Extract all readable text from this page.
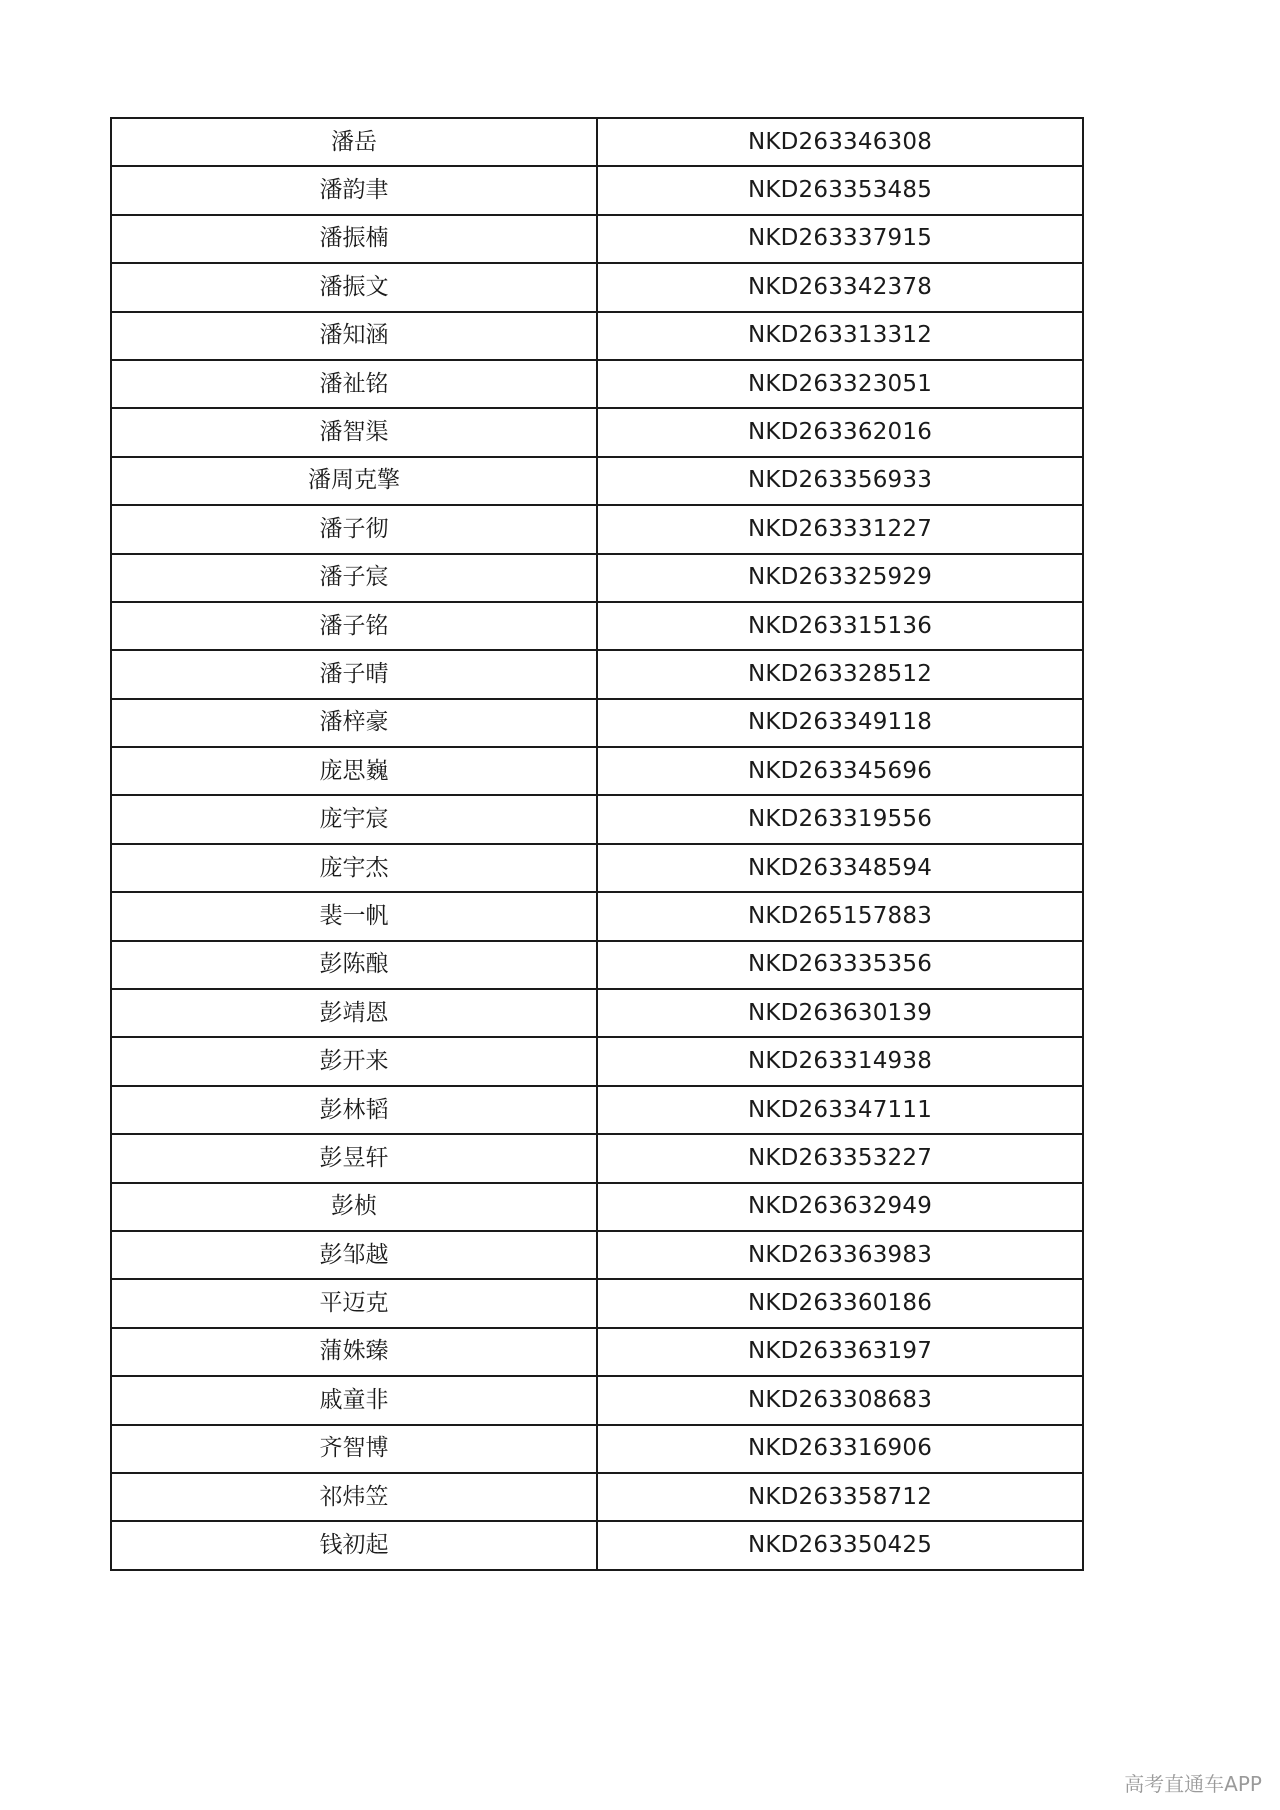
潘岳	NKD263346308
潘韵聿	NKD263353485
潘振楠	NKD263337915
潘振文	NKD263342378
潘知涵	NKD263313312
潘祉铭	NKD263323051
潘智渠	NKD263362016
潘周克擎	NKD263356933
潘子彻	NKD263331227
潘子宸	NKD263325929
潘子铭	NKD263315136
潘子晴	NKD263328512
潘梓豪	NKD263349118
庞思巍	NKD263345696
庞宇宸	NKD263319556
庞宇杰	NKD263348594
裴一帆	NKD265157883
彭陈酿	NKD263335356
彭靖恩	NKD263630139
彭开来	NKD263314938
彭林韬	NKD263347111
彭昱轩	NKD263353227
彭桢	NKD263632949
彭邹越	NKD263363983
平迈克	NKD263360186
蒲姝臻	NKD263363197
戚童非	NKD263308683
齐智博	NKD263316906
祁炜笠	NKD263358712
钱初起	NKD263350425
高考直通车APP
